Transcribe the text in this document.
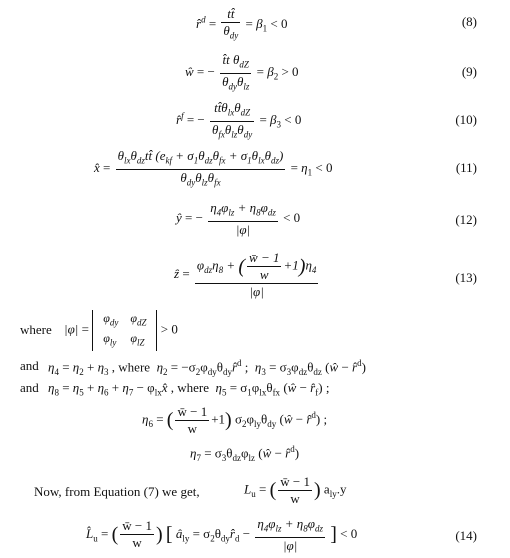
r̂$^d$ = $\frac{tt̂}{\theta_{dy}} = \beta_1 < 0$	(8)
ŵ = − $\frac{t̂t \theta_{dZ}}{\theta_{dy}\theta_{lz}} = \beta_2 > 0$	(9)
r̂$^f$ = − $\frac{tt̂\theta_{lx}\theta_{dZ}}{\theta_{fx}\theta_{lz}\theta_{dy}} = \beta_3 < 0$	(10)
x̂ = $\frac{\theta_{lx}\theta_{dz}tt̂ (e_{kf} + \sigma_1\theta_{dz}\theta_{fx} + \sigma_1\theta_{lx}\theta_{dz})}{\theta_{dy}\theta_{lz}\theta_{fx}} = \eta_1 < 0$	(11)
ŷ = − $\frac{\eta_4\varphi_{lz} + \eta_8\varphi_{dz}}{|\varphi|} < 0$	(12)
ẑ = $\frac{\varphi_{dz}\eta_8 + ( \frac{w̄ - 1}{w} +1)\eta_4}{|\varphi|}$	(13)
where |φ| =
$\varphi_{dy}$	$\varphi_{dZ}$
$\varphi_{ly}$	$\varphi_{lZ}$
> 0
and $\eta_4 = \eta_2 + \eta_3$ , where  $\eta_2$ = $-\sigma_2\varphi_{dy}\theta_{dy}r̂^d$ ;  $\eta_3 = \sigma_3\varphi_{dz}\theta_{dz}$ (ŵ − r̂$^d$)
and $\eta_8 = \eta_5 + \eta_6 + \eta_7$ − $\varphi_{lx}x̂$ , where  $\eta_5 = \sigma_1\varphi_{lx}\theta_{fx}$ (ŵ − $r̂_f$) ;
$\eta_6$ = ( $\frac{w̄ - 1}{w} +1$) $\sigma_2\varphi_{ly}\theta_{dy}$ (ŵ − r̂$^d$) ;
$\eta_7 = \sigma_3\theta_{dz}\varphi_{lz}$ (ŵ − r̂$^d$)
Now, from Equation (7) we get,	$L_u$ = ( $\frac{w̄ - 1}{w}$ ) $a_{ly}.y$
$L̂_u$ = ( $\frac{w̄ - 1}{w}$ ) [ $â_{ly}$ = $\sigma_2\theta_{dy}r̂_d - \frac{\eta_4\varphi_{lz} + \eta_8\varphi_{dz}}{|\varphi|}$ ] < 0	(14)
